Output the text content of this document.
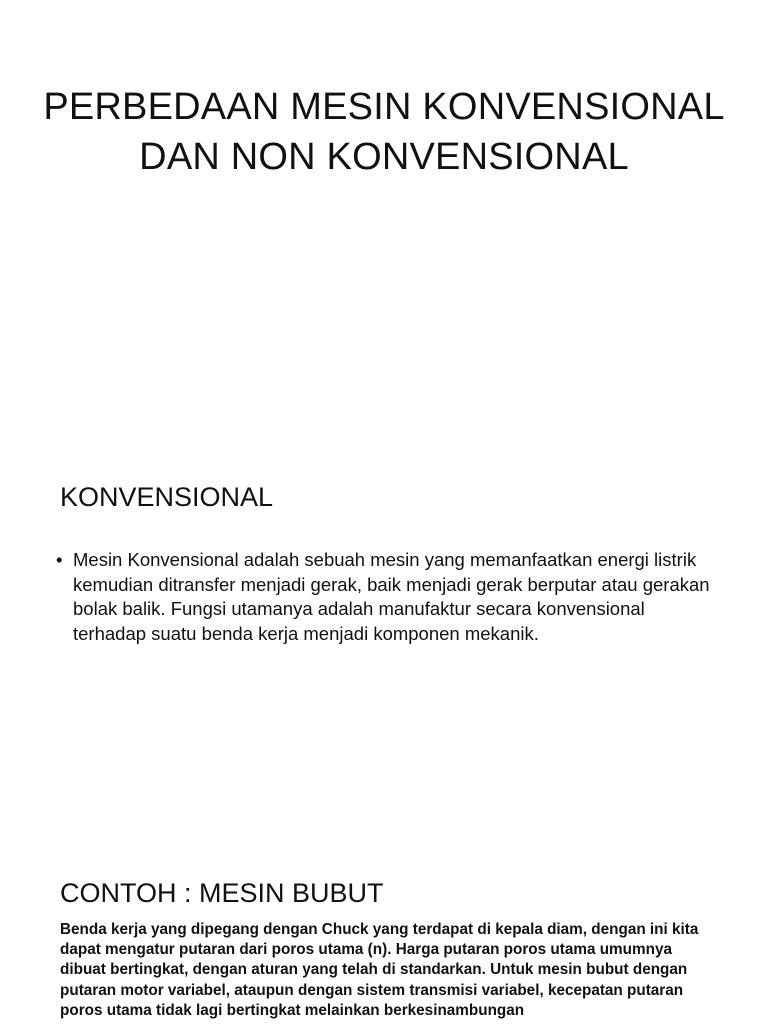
PERBEDAAN MESIN KONVENSIONAL
DAN NON KONVENSIONAL
KONVENSIONAL
• Mesin Konvensional adalah sebuah mesin yang memanfaatkan energi listrik kemudian ditransfer menjadi gerak, baik menjadi gerak berputar atau gerakan bolak balik. Fungsi utamanya adalah manufaktur secara konvensional terhadap suatu benda kerja menjadi komponen mekanik.
CONTOH : MESIN BUBUT

Benda kerja yang dipegang dengan Chuck yang terdapat di kepala diam, dengan ini kita dapat mengatur putaran dari poros utama (n). Harga putaran poros utama umumnya dibuat bertingkat, dengan aturan yang telah di standarkan. Untuk mesin bubut dengan putaran motor variabel, ataupun dengan sistem transmisi variabel, kecepatan putaran poros utama tidak lagi bertingkat melainkan berkesinambungan
